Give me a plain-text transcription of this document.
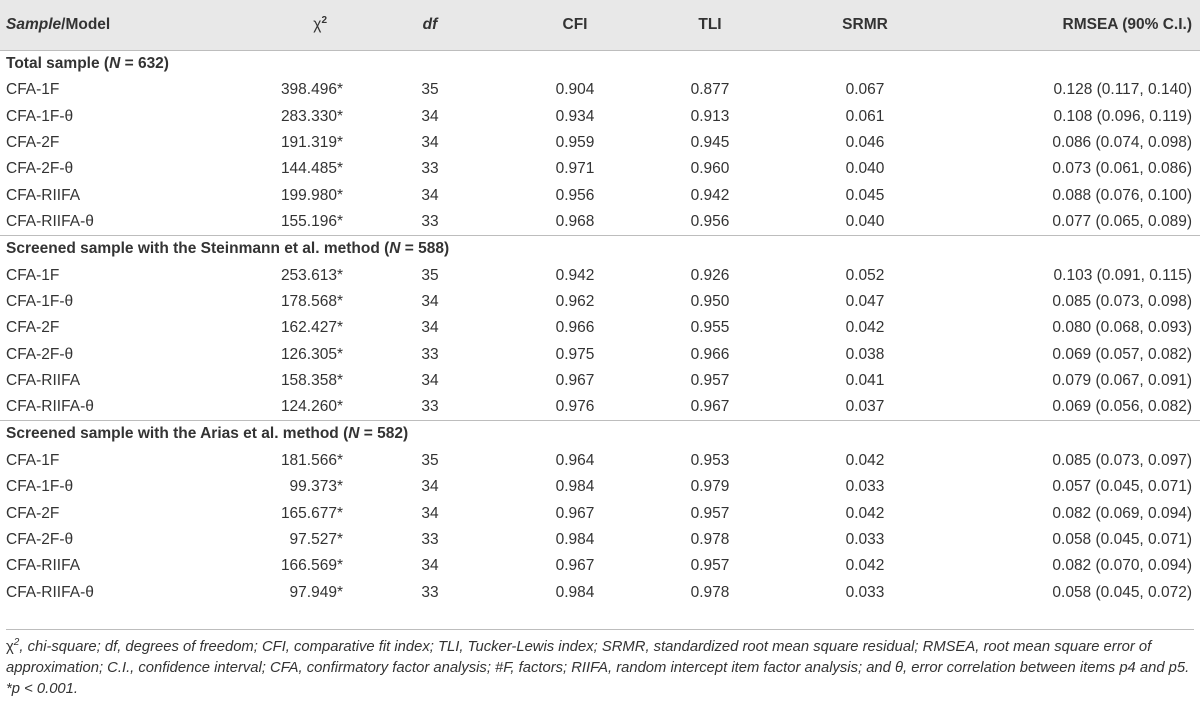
Sample/Model	$\chi^2$	df	CFI	TLI	SRMR	RMSEA (90% C.I.)
Total sample (N = 632)						
CFA-1F	398.496*	35	0.904	0.877	0.067	0.128 (0.117, 0.140)
CFA-1F-θ	283.330*	34	0.934	0.913	0.061	0.108 (0.096, 0.119)
CFA-2F	191.319*	34	0.959	0.945	0.046	0.086 (0.074, 0.098)
CFA-2F-θ	144.485*	33	0.971	0.960	0.040	0.073 (0.061, 0.086)
CFA-RIIFA	199.980*	34	0.956	0.942	0.045	0.088 (0.076, 0.100)
CFA-RIIFA-θ	155.196*	33	0.968	0.956	0.040	0.077 (0.065, 0.089)
Screened sample with the Steinmann et al. method (N = 588)						
CFA-1F	253.613*	35	0.942	0.926	0.052	0.103 (0.091, 0.115)
CFA-1F-θ	178.568*	34	0.962	0.950	0.047	0.085 (0.073, 0.098)
CFA-2F	162.427*	34	0.966	0.955	0.042	0.080 (0.068, 0.093)
CFA-2F-θ	126.305*	33	0.975	0.966	0.038	0.069 (0.057, 0.082)
CFA-RIIFA	158.358*	34	0.967	0.957	0.041	0.079 (0.067, 0.091)
CFA-RIIFA-θ	124.260*	33	0.976	0.967	0.037	0.069 (0.056, 0.082)
Screened sample with the Arias et al. method (N = 582)						
CFA-1F	181.566*	35	0.964	0.953	0.042	0.085 (0.073, 0.097)
CFA-1F-θ	99.373*	34	0.984	0.979	0.033	0.057 (0.045, 0.071)
CFA-2F	165.677*	34	0.967	0.957	0.042	0.082 (0.069, 0.094)
CFA-2F-θ	97.527*	33	0.984	0.978	0.033	0.058 (0.045, 0.071)
CFA-RIIFA	166.569*	34	0.967	0.957	0.042	0.082 (0.070, 0.094)
CFA-RIIFA-θ	97.949*	33	0.984	0.978	0.033	0.058 (0.045, 0.072)
$\chi^2$, chi-square; df, degrees of freedom; CFI, comparative fit index; TLI, Tucker-Lewis index; SRMR, standardized root mean square residual; RMSEA, root mean square error of approximation; C.I., confidence interval; CFA, confirmatory factor analysis; #F, factors; RIIFA, random intercept item factor analysis; and θ, error correlation between items p4 and p5.
*p < 0.001.
